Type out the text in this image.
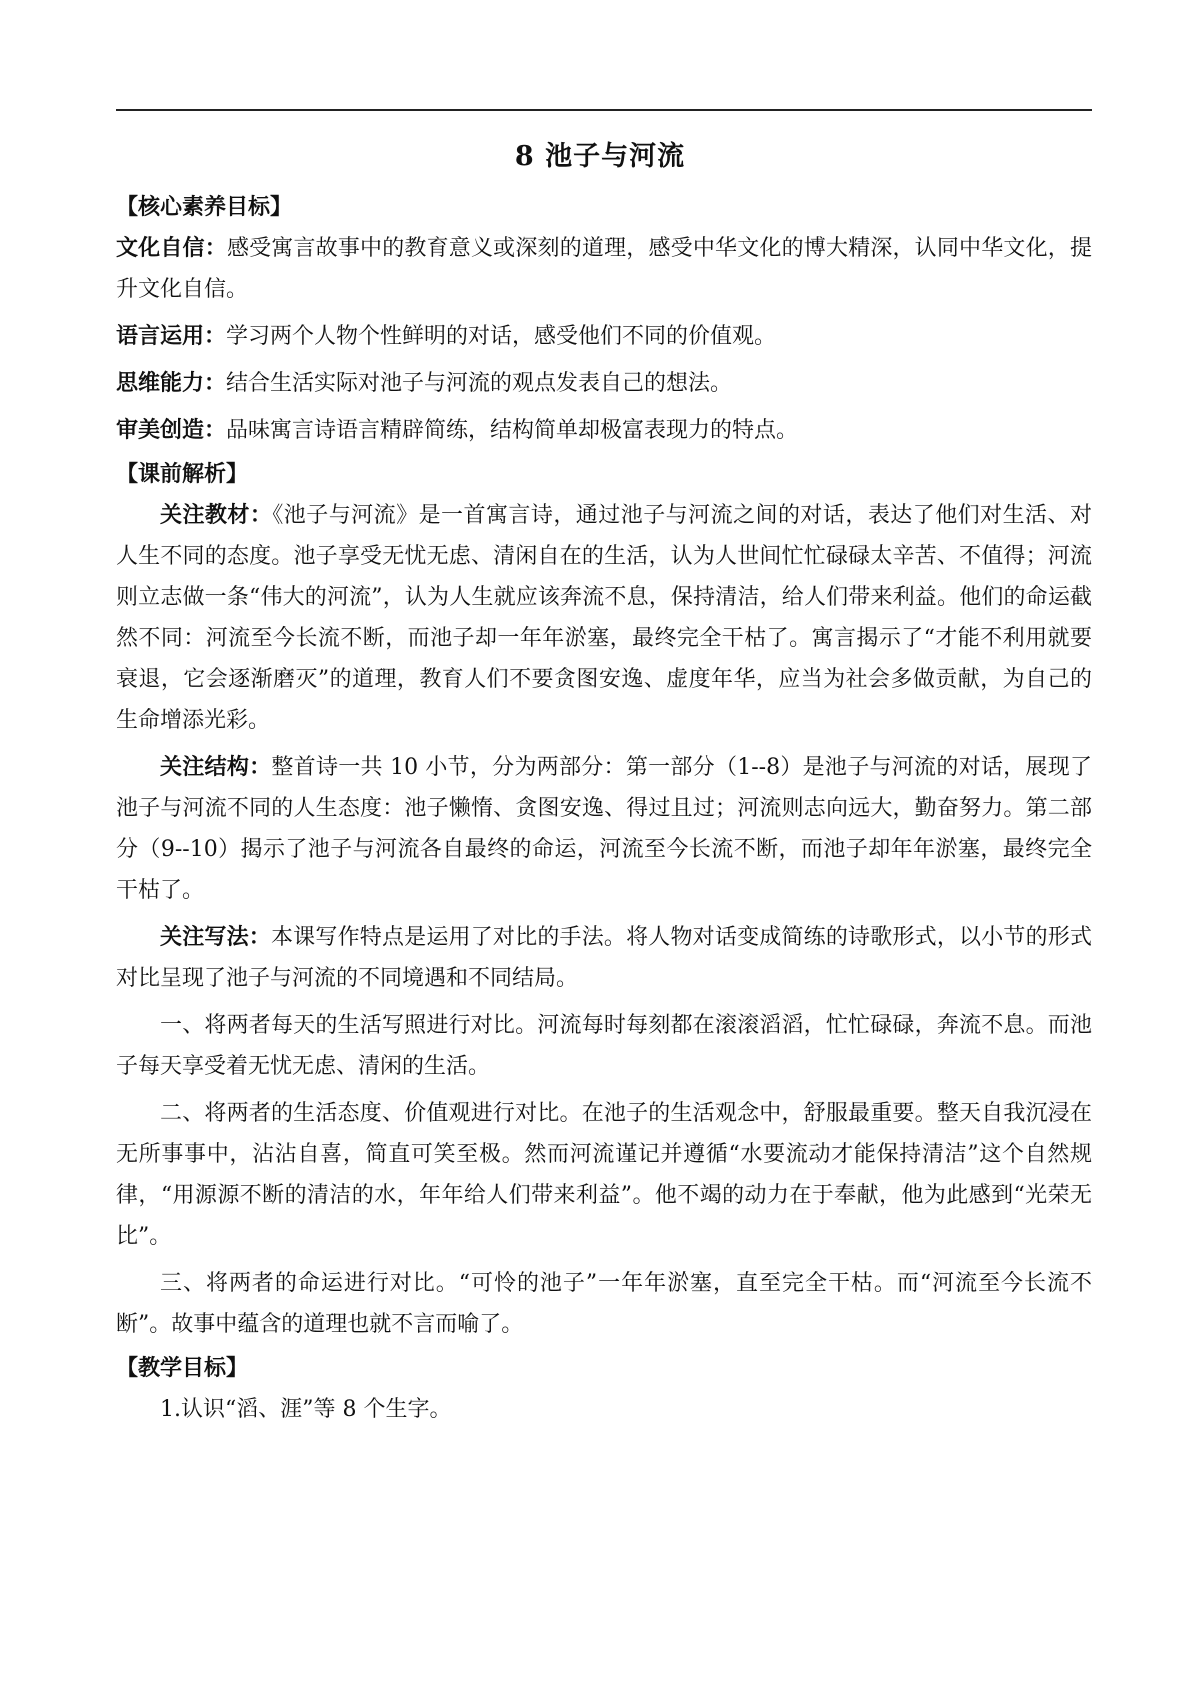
8 池子与河流
【核心素养目标】

文化自信：感受寓言故事中的教育意义或深刻的道理，感受中华文化的博大精深，认同中华文化，提升文化自信。

语言运用：学习两个人物个性鲜明的对话，感受他们不同的价值观。

思维能力：结合生活实际对池子与河流的观点发表自己的想法。

审美创造：品味寓言诗语言精辟简练，结构简单却极富表现力的特点。

【课前解析】

关注教材：《池子与河流》是一首寓言诗，通过池子与河流之间的对话，表达了他们对生活、对人生不同的态度。池子享受无忧无虑、清闲自在的生活，认为人世间忙忙碌碌太辛苦、不值得；河流则立志做一条“伟大的河流”，认为人生就应该奔流不息，保持清洁，给人们带来利益。他们的命运截然不同：河流至今长流不断，而池子却一年年淤塞，最终完全干枯了。寓言揭示了“才能不利用就要衰退，它会逐渐磨灭”的道理，教育人们不要贪图安逸、虚度年华，应当为社会多做贡献，为自己的生命增添光彩。

关注结构：整首诗一共 10 小节，分为两部分：第一部分（1--8）是池子与河流的对话，展现了池子与河流不同的人生态度：池子懒惰、贪图安逸、得过且过；河流则志向远大，勤奋努力。第二部分（9--10）揭示了池子与河流各自最终的命运，河流至今长流不断，而池子却年年淤塞，最终完全干枯了。

关注写法：本课写作特点是运用了对比的手法。将人物对话变成简练的诗歌形式，以小节的形式对比呈现了池子与河流的不同境遇和不同结局。

一、将两者每天的生活写照进行对比。河流每时每刻都在滚滚滔滔，忙忙碌碌，奔流不息。而池子每天享受着无忧无虑、清闲的生活。

二、将两者的生活态度、价值观进行对比。在池子的生活观念中，舒服最重要。整天自我沉浸在无所事事中，沾沾自喜，简直可笑至极。然而河流谨记并遵循“水要流动才能保持清洁”这个自然规律，“用源源不断的清洁的水，年年给人们带来利益”。他不竭的动力在于奉献，他为此感到“光荣无比”。

三、将两者的命运进行对比。“可怜的池子”一年年淤塞，直至完全干枯。而“河流至今长流不断”。故事中蕴含的道理也就不言而喻了。

【教学目标】

1.认识“滔、涯”等 8 个生字。
